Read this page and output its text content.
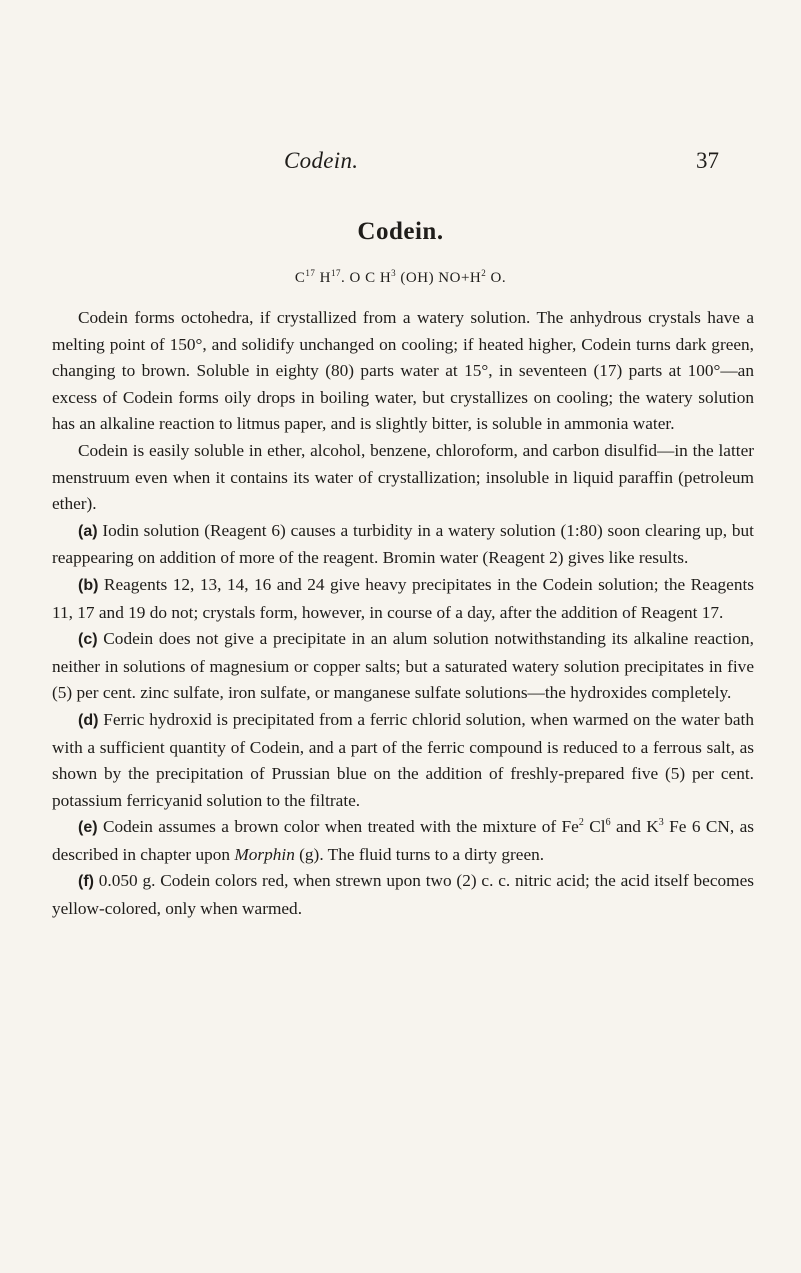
Codein.	37
Codein.
$C^{17}$ $H^{17}$. O C $H^3$ (OH) $NO+H^2$ O.

Codein forms octohedra, if crystallized from a watery solution. The anhydrous crystals have a melting point of 150°, and solidify unchanged on cooling; if heated higher, Codein turns dark green, changing to brown. Soluble in eighty (80) parts water at 15°, in seventeen (17) parts at 100°—an excess of Codein forms oily drops in boiling water, but crystallizes on cooling; the watery solution has an alkaline reaction to litmus paper, and is slightly bitter, is soluble in ammonia water.

Codein is easily soluble in ether, alcohol, benzene, chloroform, and carbon disulfid—in the latter menstruum even when it contains its water of crystallization; insoluble in liquid paraffin (petroleum ether).

(a) Iodin solution (Reagent 6) causes a turbidity in a watery solution (1:80) soon clearing up, but reappearing on addition of more of the reagent. Bromin water (Reagent 2) gives like results.

(b) Reagents 12, 13, 14, 16 and 24 give heavy precipitates in the Codein solution; the Reagents 11, 17 and 19 do not; crystals form, however, in course of a day, after the addition of Reagent 17.

(c) Codein does not give a precipitate in an alum solution notwithstanding its alkaline reaction, neither in solutions of magnesium or copper salts; but a saturated watery solution precipitates in five (5) per cent. zinc sulfate, iron sulfate, or manganese sulfate solutions—the hydroxides completely.

(d) Ferric hydroxid is precipitated from a ferric chlorid solution, when warmed on the water bath with a sufficient quantity of Codein, and a part of the ferric compound is reduced to a ferrous salt, as shown by the precipitation of Prussian blue on the addition of freshly-prepared five (5) per cent. potassium ferricyanid solution to the filtrate.

(e) Codein assumes a brown color when treated with the mixture of Fe$^2$ Cl$^6$ and $K^3$ Fe 6 CN, as described in chapter upon Morphin (g). The fluid turns to a dirty green.

(f) 0.050 g. Codein colors red, when strewn upon two (2) c. c. nitric acid; the acid itself becomes yellow-colored, only when warmed.
